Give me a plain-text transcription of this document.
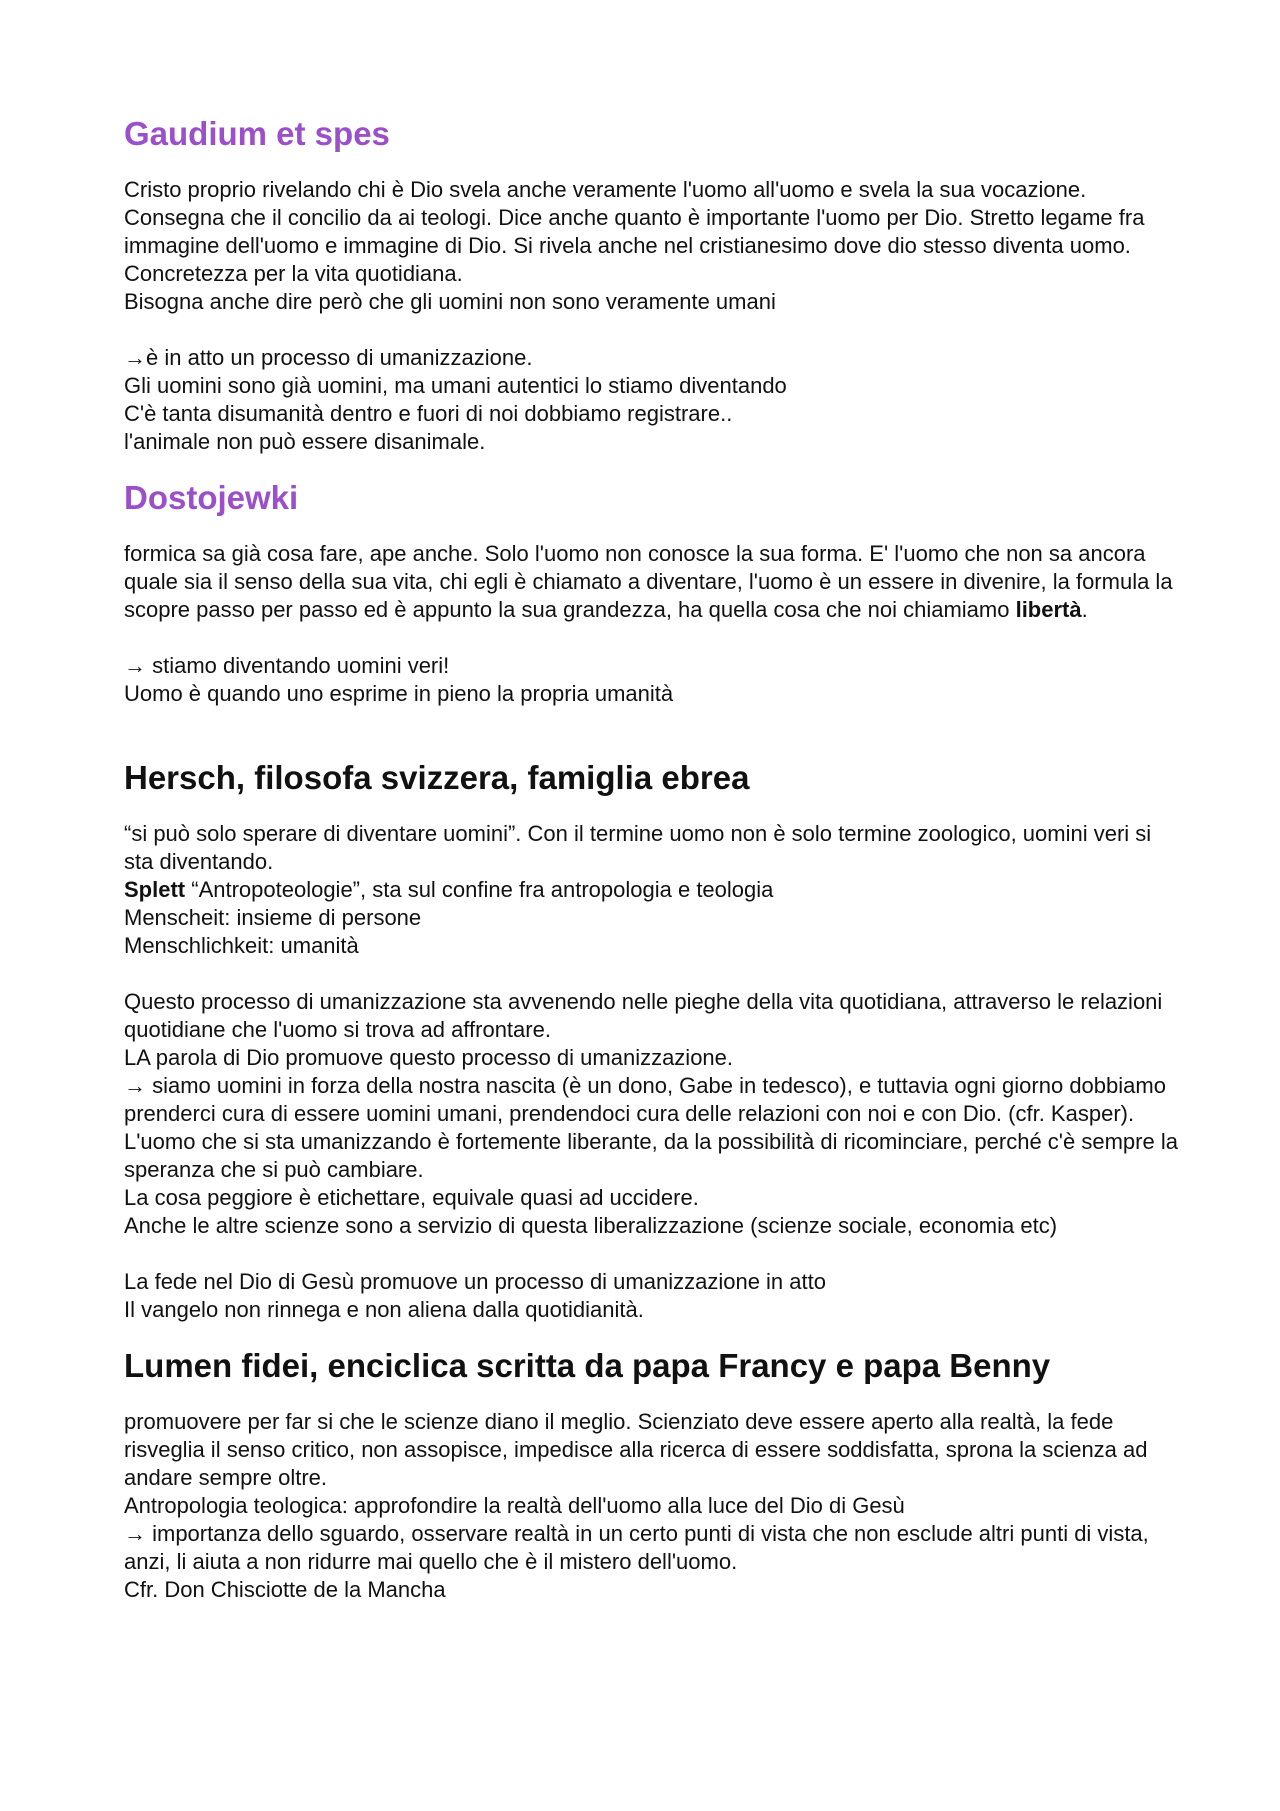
Gaudium et spes

Cristo proprio rivelando chi è Dio svela anche veramente l'uomo all'uomo e svela la sua vocazione. Consegna che il concilio da ai teologi. Dice anche quanto è importante l'uomo per Dio. Stretto legame fra immagine dell'uomo e immagine di Dio. Si rivela anche nel cristianesimo dove dio stesso diventa uomo. Concretezza per la vita quotidiana.

Bisogna anche dire però che gli uomini non sono veramente umani

→è in atto un processo di umanizzazione.

Gli uomini sono già uomini, ma umani autentici lo stiamo diventando

C'è tanta disumanità dentro e fuori di noi dobbiamo registrare..

l'animale non può essere disanimale.

Dostojewki

formica sa già cosa fare, ape anche. Solo l'uomo non conosce la sua forma. E' l'uomo che non sa ancora quale sia il senso della sua vita, chi egli è chiamato a diventare, l'uomo è un essere in divenire, la formula la scopre passo per passo ed è appunto la sua grandezza, ha quella cosa che noi chiamiamo libertà.

→ stiamo diventando uomini veri!

Uomo è quando uno esprime in pieno la propria umanità

Hersch, filosofa svizzera, famiglia ebrea

“si può solo sperare di diventare uomini”. Con il termine uomo non è solo termine zoologico, uomini veri si sta diventando.

Splett “Antropoteologie”, sta sul confine fra antropologia e teologia

Menscheit: insieme di persone

Menschlichkeit: umanità

Questo processo di umanizzazione sta avvenendo nelle pieghe della vita quotidiana, attraverso le relazioni quotidiane che l'uomo si trova ad affrontare.

LA parola di Dio promuove questo processo di umanizzazione.

→ siamo uomini in forza della nostra nascita (è un dono, Gabe in tedesco), e tuttavia ogni giorno dobbiamo prenderci cura di essere uomini umani, prendendoci cura delle relazioni con noi e con Dio. (cfr. Kasper). L'uomo che si sta umanizzando è fortemente liberante, da la possibilità di ricominciare, perché c'è sempre la speranza che si può cambiare.

La cosa peggiore è etichettare, equivale quasi ad uccidere.

Anche le altre scienze sono a servizio di questa liberalizzazione (scienze sociale, economia etc)

La fede nel Dio di Gesù promuove un processo di umanizzazione in atto

Il vangelo non rinnega e non aliena dalla quotidianità.

Lumen fidei, enciclica scritta da papa Francy e papa Benny

promuovere per far si che le scienze diano il meglio. Scienziato deve essere aperto alla realtà, la fede risveglia il senso critico, non assopisce, impedisce alla ricerca di essere soddisfatta, sprona la scienza ad andare sempre oltre.

Antropologia teologica: approfondire la realtà dell'uomo alla luce del Dio di Gesù

→ importanza dello sguardo, osservare realtà in un certo punti di vista che non esclude altri punti di vista, anzi, li aiuta a non ridurre mai quello che è il mistero dell'uomo.

Cfr. Don Chisciotte de la Mancha
